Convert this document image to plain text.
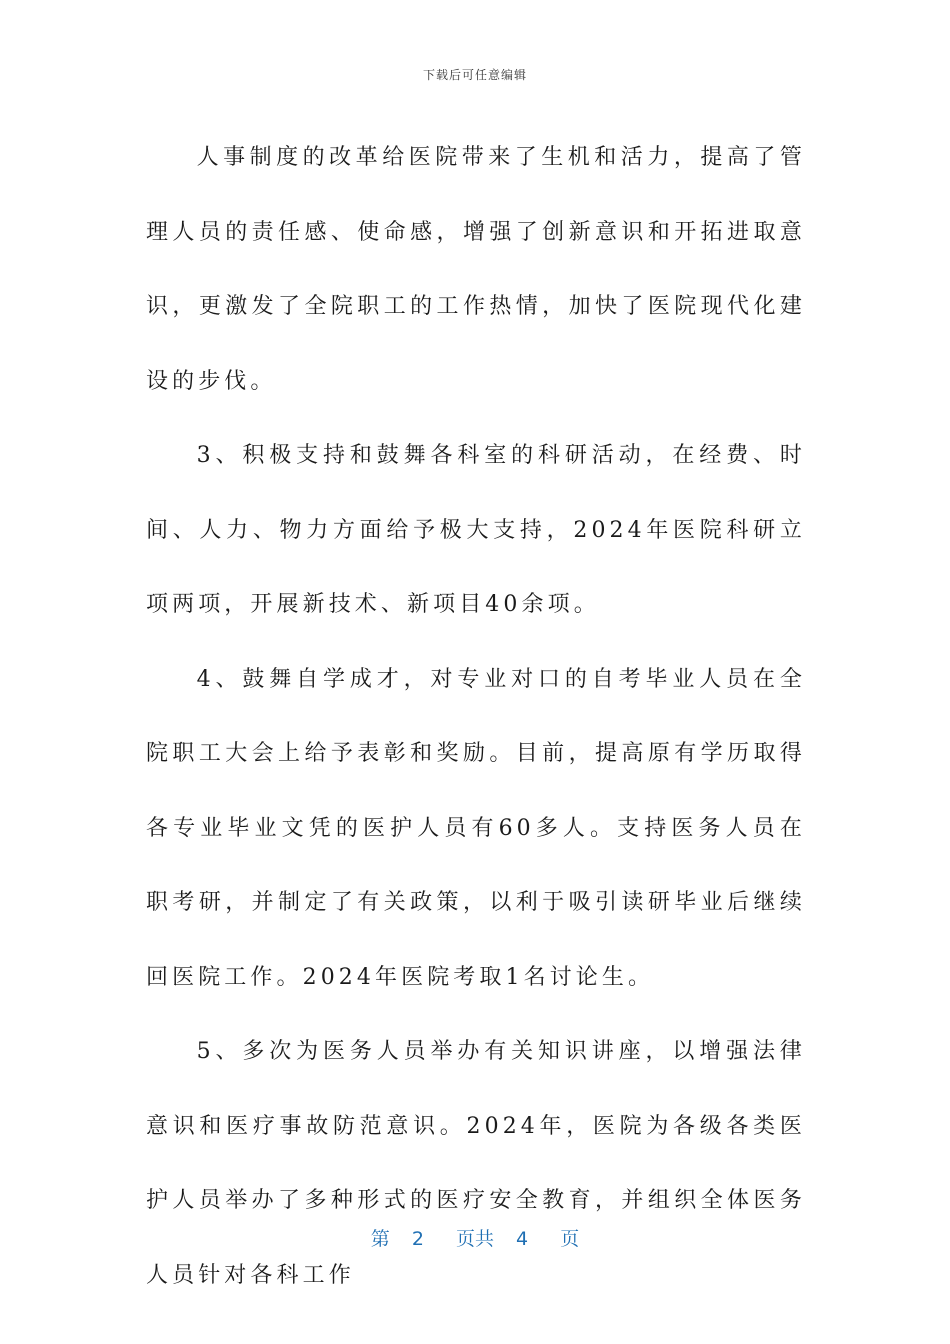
下载后可任意编辑

人事制度的改革给医院带来了生机和活力，提高了管理人员的责任感、使命感，增强了创新意识和开拓进取意识，更激发了全院职工的工作热情，加快了医院现代化建设的步伐。

3、积极支持和鼓舞各科室的科研活动，在经费、时间、人力、物力方面给予极大支持，2024年医院科研立项两项，开展新技术、新项目40余项。

4、鼓舞自学成才，对专业对口的自考毕业人员在全院职工大会上给予表彰和奖励。目前，提高原有学历取得各专业毕业文凭的医护人员有60多人。支持医务人员在职考研，并制定了有关政策，以利于吸引读研毕业后继续回医院工作。2024年医院考取1名讨论生。

5、多次为医务人员举办有关知识讲座，以增强法律意识和医疗事故防范意识。2024年，医院为各级各类医护人员举办了多种形式的医疗安全教育，并组织全体医务人员针对各科工作

第 2 页共 4 页
